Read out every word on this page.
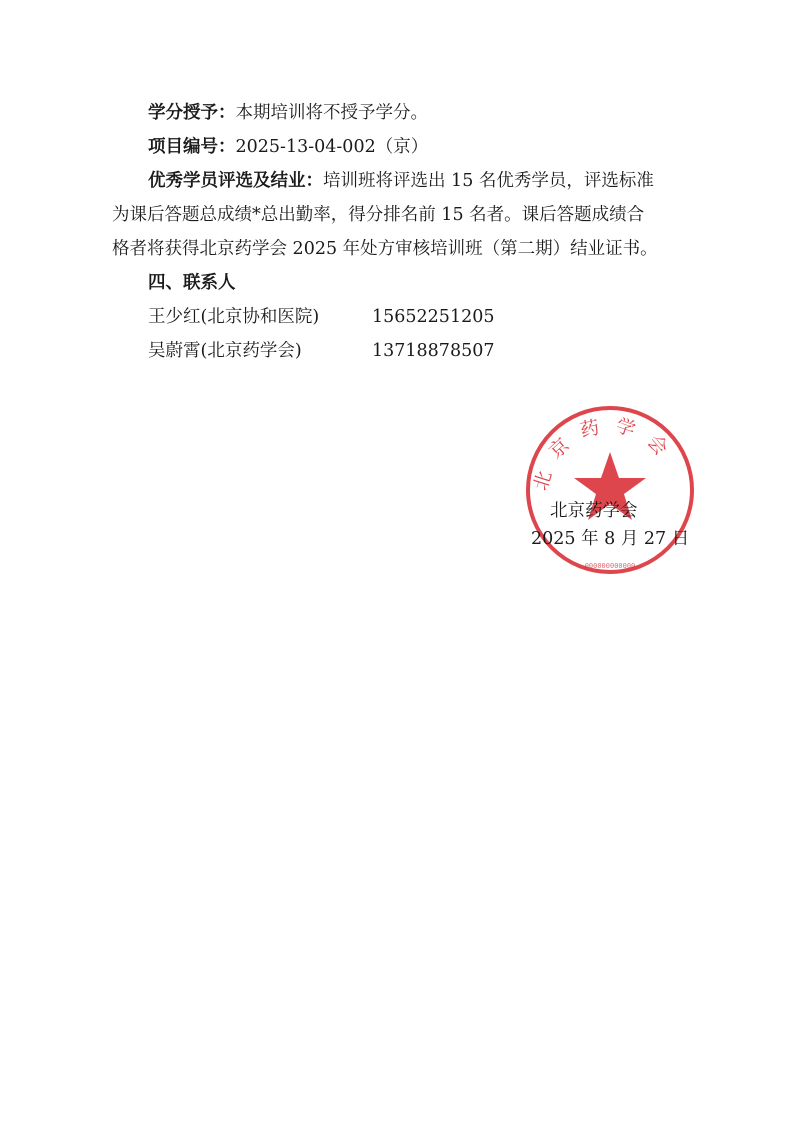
学分授予：本期培训将不授予学分。
项目编号：2025-13-04-002（京）
优秀学员评选及结业：培训班将评选出 15 名优秀学员，评选标准
为课后答题总成绩*总出勤率，得分排名前 15 名者。课后答题成绩合
格者将获得北京药学会 2025 年处方审核培训班（第二期）结业证书。
四、联系人
王少红(北京协和医院)	15652251205
吴蔚霄(北京药学会)	13718878507
北京药学会
000000000000
北京药学会
2025 年 8 月 27 日
